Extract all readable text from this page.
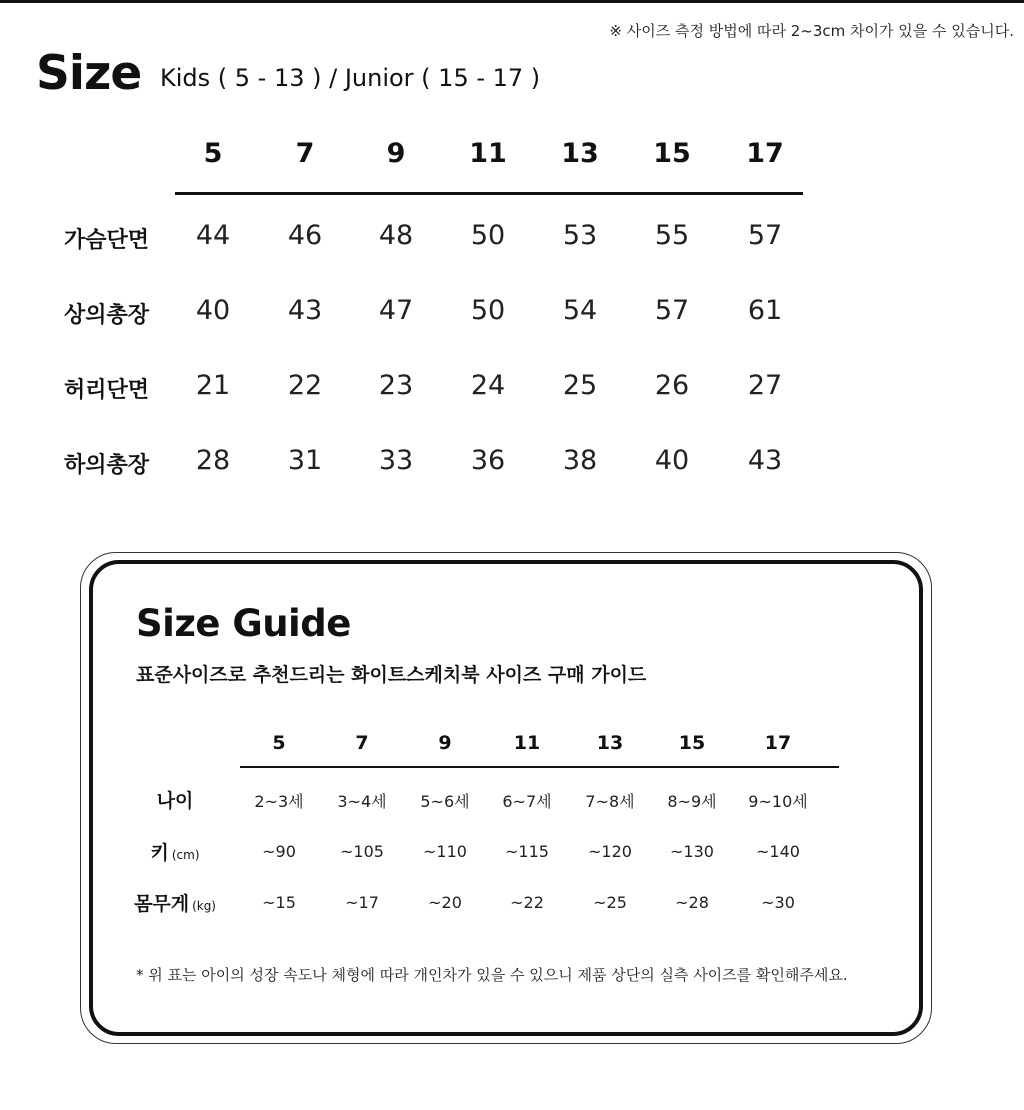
※ 사이즈 측정 방법에 따라 2~3cm 차이가 있을 수 있습니다.
Size Kids ( 5 - 13 ) / Junior ( 15 - 17 )
5	7	9	11	13	15	17
가슴단면	44	46	48	50	53	55	57
상의총장	40	43	47	50	54	57	61
허리단면	21	22	23	24	25	26	27
하의총장	28	31	33	36	38	40	43
Size Guide
표준사이즈로 추천드리는 화이트스케치북 사이즈 구매 가이드
5	7	9	11	13	15	17
나이	2~3세	3~4세	5~6세	6~7세	7~8세	8~9세	9~10세
키 (cm)	~90	~105	~110	~115	~120	~130	~140
몸무게 (kg)	~15	~17	~20	~22	~25	~28	~30
* 위 표는 아이의 성장 속도나 체형에 따라 개인차가 있을 수 있으니 제품 상단의 실측 사이즈를 확인해주세요.
